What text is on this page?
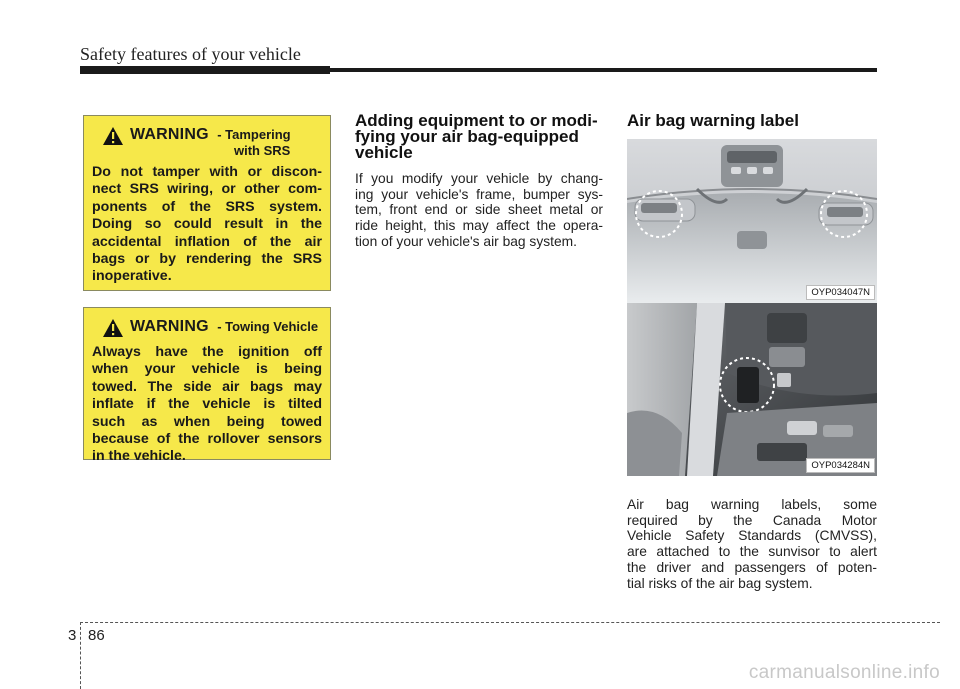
Safety features of your vehicle
WARNING - Tampering
with SRS
Do not tamper with or discon-
nect SRS wiring, or other com-
ponents of the SRS system.
Doing so could result in the
accidental inflation of the air
bags or by rendering the SRS
inoperative.
WARNING - Towing Vehicle
Always have the ignition off
when your vehicle is being
towed. The side air bags may
inflate if the vehicle is tilted
such as when being towed
because of the rollover sensors
in the vehicle.
Adding equipment to or modi-
fying your air bag-equipped
vehicle
If you modify your vehicle by chang-
ing your vehicle's frame, bumper sys-
tem, front end or side sheet metal or
ride height, this may affect the opera-
tion of your vehicle's air bag system.
Air bag warning label
OYP034047N
OYP034284N
Air bag warning labels, some
required by the Canada Motor
Vehicle Safety Standards (CMVSS),
are attached to the sunvisor to alert
the driver and passengers of poten-
tial risks of the air bag system.
3 86
carmanualsonline.info
